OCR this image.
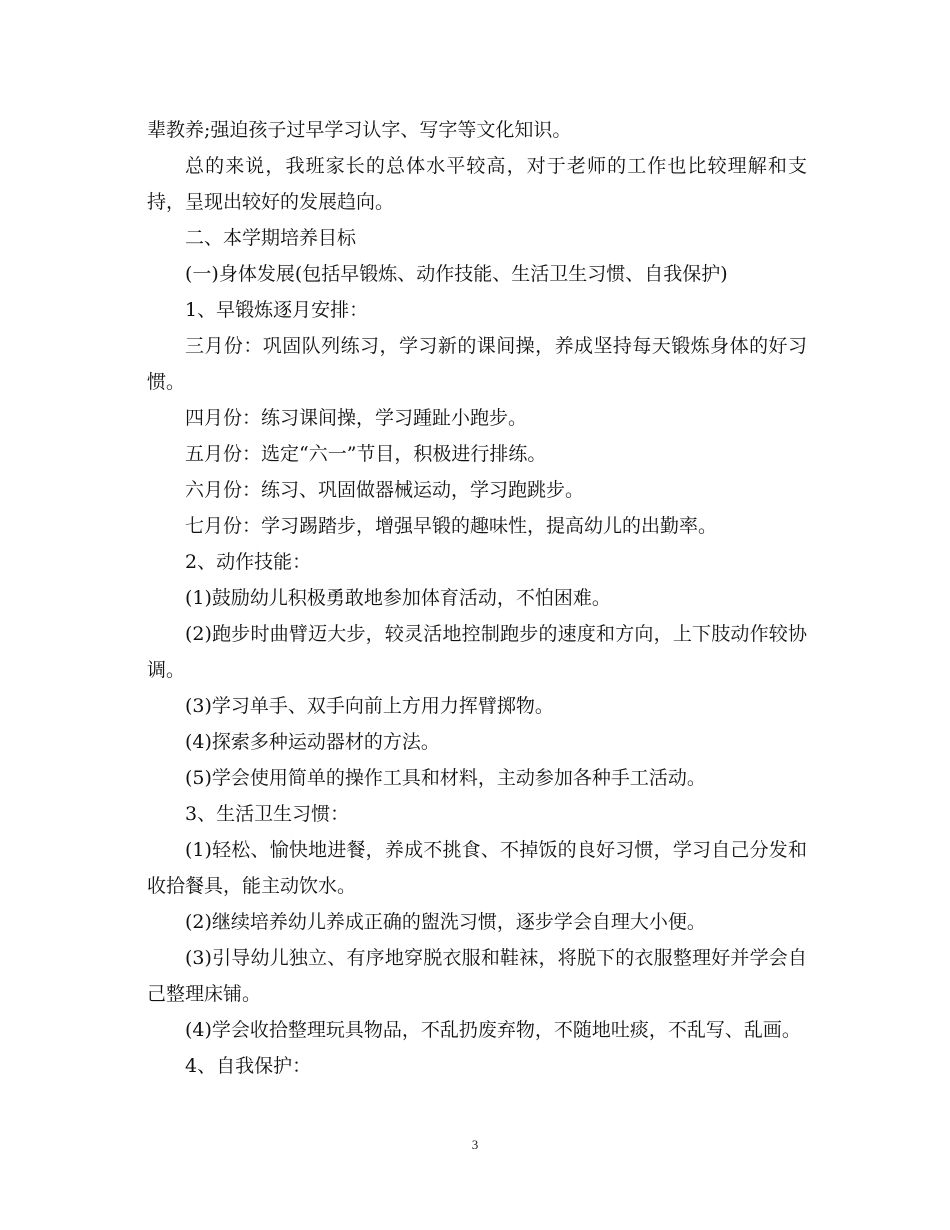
辈教养;强迫孩子过早学习认字、写字等文化知识。

总的来说，我班家长的总体水平较高，对于老师的工作也比较理解和支持，呈现出较好的发展趋向。

二、本学期培养目标

(一)身体发展(包括早锻炼、动作技能、生活卫生习惯、自我保护)

1、早锻炼逐月安排：

三月份：巩固队列练习，学习新的课间操，养成坚持每天锻炼身体的好习惯。

四月份：练习课间操，学习踵趾小跑步。

五月份：选定“六一”节目，积极进行排练。

六月份：练习、巩固做器械运动，学习跑跳步。

七月份：学习踢踏步，增强早锻的趣味性，提高幼儿的出勤率。

2、动作技能：

(1)鼓励幼儿积极勇敢地参加体育活动，不怕困难。

(2)跑步时曲臂迈大步，较灵活地控制跑步的速度和方向，上下肢动作较协调。

(3)学习单手、双手向前上方用力挥臂掷物。

(4)探索多种运动器材的方法。

(5)学会使用简单的操作工具和材料，主动参加各种手工活动。

3、生活卫生习惯：

(1)轻松、愉快地进餐，养成不挑食、不掉饭的良好习惯，学习自己分发和收拾餐具，能主动饮水。

(2)继续培养幼儿养成正确的盥洗习惯，逐步学会自理大小便。

(3)引导幼儿独立、有序地穿脱衣服和鞋袜，将脱下的衣服整理好并学会自己整理床铺。

(4)学会收拾整理玩具物品，不乱扔废弃物，不随地吐痰，不乱写、乱画。

4、自我保护：

3
